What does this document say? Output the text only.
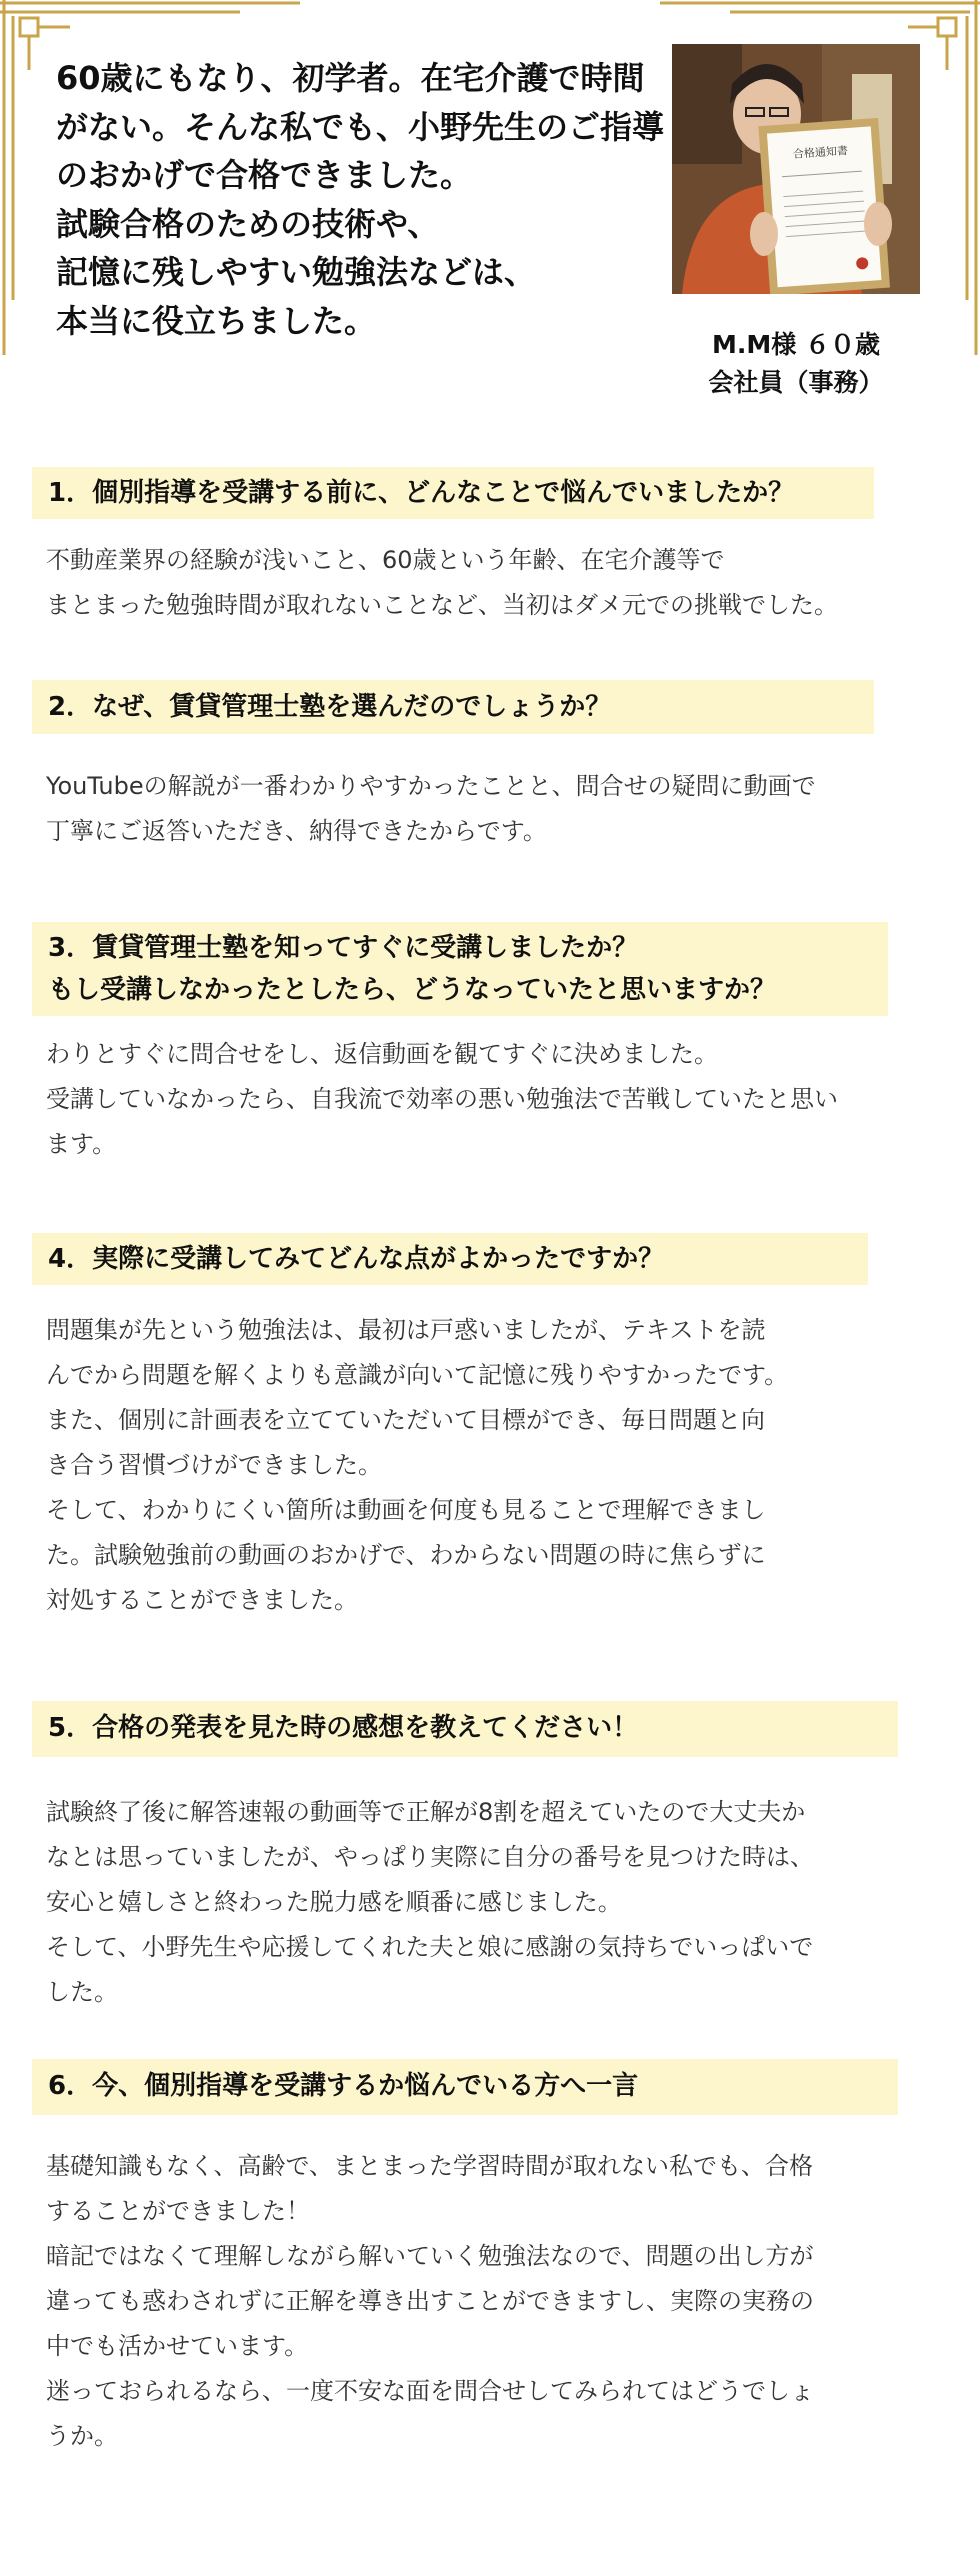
60歳にもなり、初学者。在宅介護で時間
がない。そんな私でも、小野先生のご指導
のおかげで合格できました。
試験合格のための技術や、
記憶に残しやすい勉強法などは、
本当に役立ちました。
合格通知書
M.M様 ６０歳
会社員（事務）
1．個別指導を受講する前に、どんなことで悩んでいましたか？
不動産業界の経験が浅いこと、60歳という年齢、在宅介護等で
まとまった勉強時間が取れないことなど、当初はダメ元での挑戦でした。
2．なぜ、賃貸管理士塾を選んだのでしょうか？
YouTubeの解説が一番わかりやすかったことと、問合せの疑問に動画で
丁寧にご返答いただき、納得できたからです。
3．賃貸管理士塾を知ってすぐに受講しましたか？
もし受講しなかったとしたら、どうなっていたと思いますか？
わりとすぐに問合せをし、返信動画を観てすぐに決めました。
受講していなかったら、自我流で効率の悪い勉強法で苦戦していたと思い
ます。
4．実際に受講してみてどんな点がよかったですか？
問題集が先という勉強法は、最初は戸惑いましたが、テキストを読
んでから問題を解くよりも意識が向いて記憶に残りやすかったです。
また、個別に計画表を立てていただいて目標ができ、毎日問題と向
き合う習慣づけができました。
そして、わかりにくい箇所は動画を何度も見ることで理解できまし
た。試験勉強前の動画のおかげで、わからない問題の時に焦らずに
対処することができました。
5．合格の発表を見た時の感想を教えてください！
試験終了後に解答速報の動画等で正解が8割を超えていたので大丈夫か
なとは思っていましたが、やっぱり実際に自分の番号を見つけた時は、
安心と嬉しさと終わった脱力感を順番に感じました。
そして、小野先生や応援してくれた夫と娘に感謝の気持ちでいっぱいで
した。
6．今、個別指導を受講するか悩んでいる方へ一言
基礎知識もなく、高齢で、まとまった学習時間が取れない私でも、合格
することができました！
暗記ではなくて理解しながら解いていく勉強法なので、問題の出し方が
違っても惑わされずに正解を導き出すことができますし、実際の実務の
中でも活かせています。
迷っておられるなら、一度不安な面を問合せしてみられてはどうでしょ
うか。
